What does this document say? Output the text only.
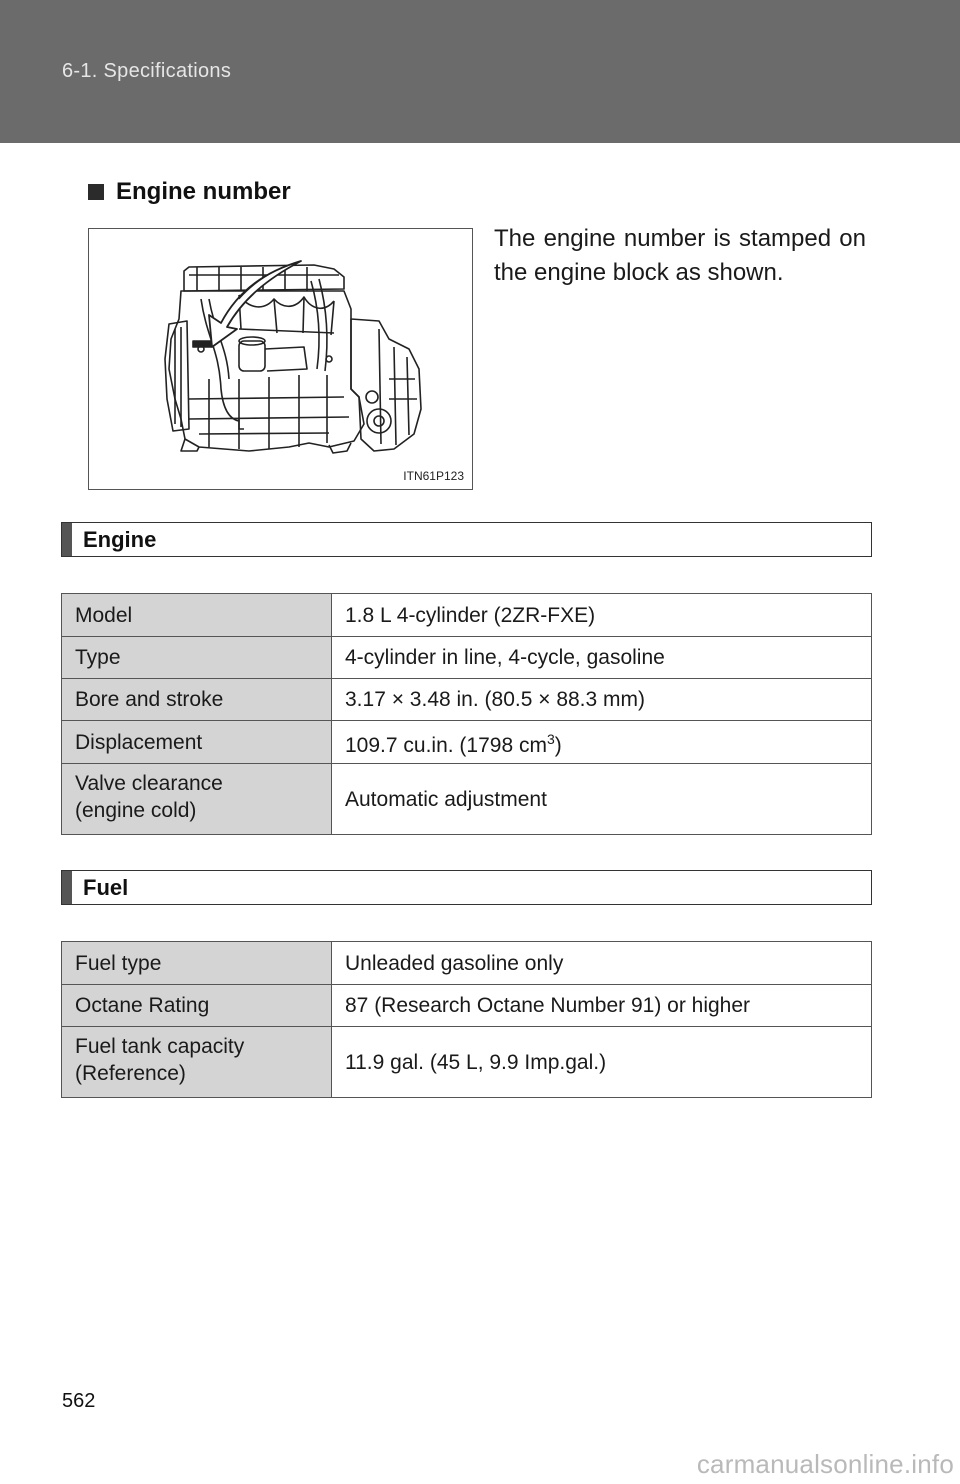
6-1. Specifications
Engine number
ITN61P123
The engine number is stamped on the engine block as shown.
Engine
Model	1.8 L 4-cylinder (2ZR-FXE)
Type	4-cylinder in line, 4-cycle, gasoline
Bore and stroke	3.17 × 3.48 in. (80.5 × 88.3 mm)
Displacement	109.7 cu.in. (1798 $cm^3$)
Valve clearance
(engine cold)	Automatic adjustment
Fuel
Fuel type	Unleaded gasoline only
Octane Rating	87 (Research Octane Number 91) or higher
Fuel tank capacity
(Reference)	11.9 gal. (45 L, 9.9 Imp.gal.)
562
carmanualsonline.info
